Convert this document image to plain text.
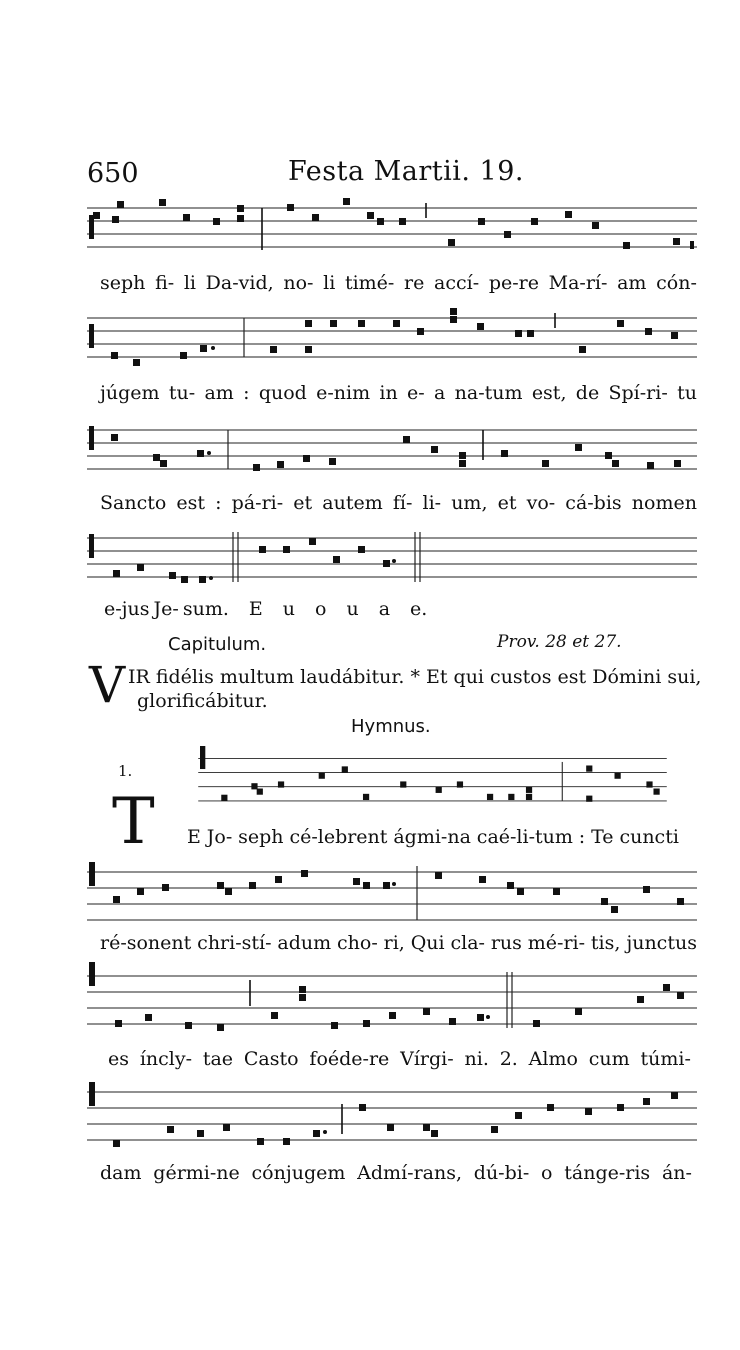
650	Festa Martii. 19.
seph fi- li Da-vid, no- li timé- re accí- pe-re Ma-rí- am cón-
júgem tu- am : quod e-nim in e- a na-tum est, de Spí-ri- tu
Sancto est : pá-ri- et autem fí- li- um, et vo- cá-bis nomen
e-jus Je- sum. E u o u a e.
Capitulum.	Prov. 28 et 27.
V IR fidélis multum laudábitur. * Et qui custos est Dómini sui,
glorificábitur.
Hymnus.
1.
T E Jo- seph cé-lebrent ágmi-na caé-li-tum : Te cuncti
ré-sonent chri-stí- adum cho- ri, Qui cla- rus mé-ri- tis, junctus
es íncly- tae Casto foéde-re Vírgi- ni. 2. Almo cum túmi-
dam gérmi-ne cónjugem Admí-rans, dú-bi- o tánge-ris án-
